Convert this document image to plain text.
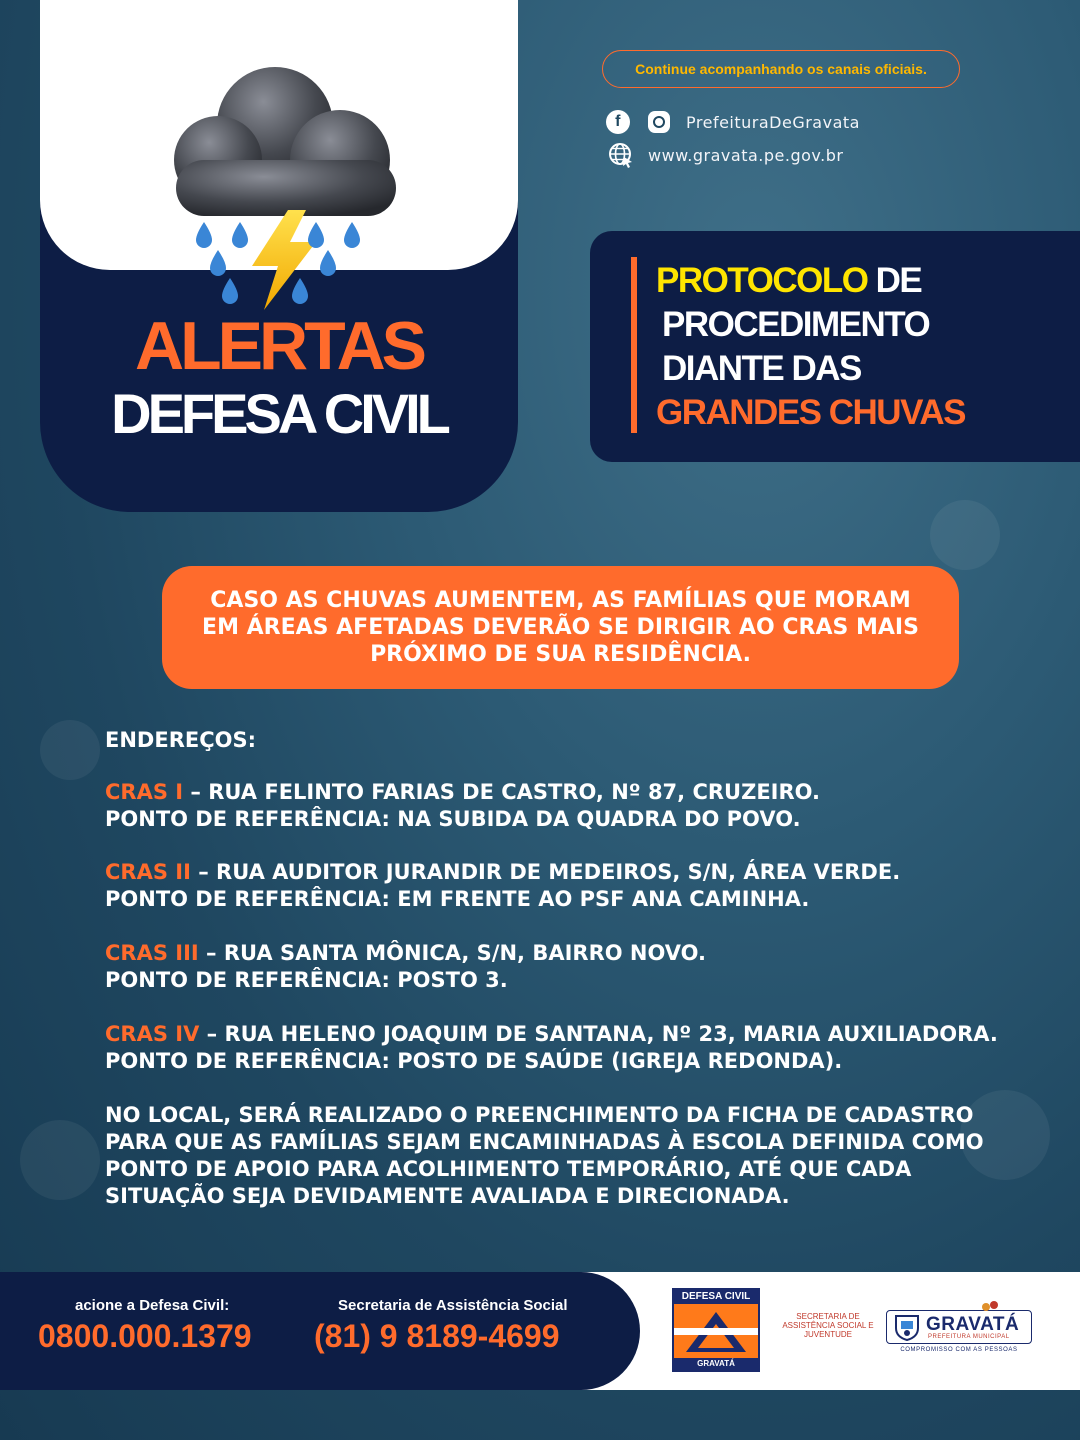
ALERTAS
DEFESA CIVIL
Continue acompanhando os canais oficiais.
f	PrefeituraDeGravata
www.gravata.pe.gov.br
PROTOCOLO DE
PROCEDIMENTO
DIANTE DAS
GRANDES CHUVAS
CASO AS CHUVAS AUMENTEM, AS FAMÍLIAS QUE MORAM EM ÁREAS AFETADAS DEVERÃO SE DIRIGIR AO CRAS MAIS PRÓXIMO DE SUA RESIDÊNCIA.
ENDEREÇOS:
CRAS I – RUA FELINTO FARIAS DE CASTRO, Nº 87, CRUZEIRO.
PONTO DE REFERÊNCIA: NA SUBIDA DA QUADRA DO POVO.
CRAS II – RUA AUDITOR JURANDIR DE MEDEIROS, S/N, ÁREA VERDE.
PONTO DE REFERÊNCIA: EM FRENTE AO PSF ANA CAMINHA.
CRAS III – RUA SANTA MÔNICA, S/N, BAIRRO NOVO.
PONTO DE REFERÊNCIA: POSTO 3.
CRAS IV – RUA HELENO JOAQUIM DE SANTANA, Nº 23, MARIA AUXILIADORA.
PONTO DE REFERÊNCIA: POSTO DE SAÚDE (IGREJA REDONDA).
NO LOCAL, SERÁ REALIZADO O PREENCHIMENTO DA FICHA DE CADASTRO
PARA QUE AS FAMÍLIAS SEJAM ENCAMINHADAS À ESCOLA DEFINIDA COMO
PONTO DE APOIO PARA ACOLHIMENTO TEMPORÁRIO, ATÉ QUE CADA
SITUAÇÃO SEJA DEVIDAMENTE AVALIADA E DIRECIONADA.
acione a Defesa Civil:
0800.000.1379
Secretaria de Assistência Social
(81) 9 8189-4699
DEFESA CIVIL
GRAVATÁ
SECRETARIA DE ASSISTÊNCIA SOCIAL E JUVENTUDE	GRAVATÁ
PREFEITURA MUNICIPAL
COMPROMISSO COM AS PESSOAS
